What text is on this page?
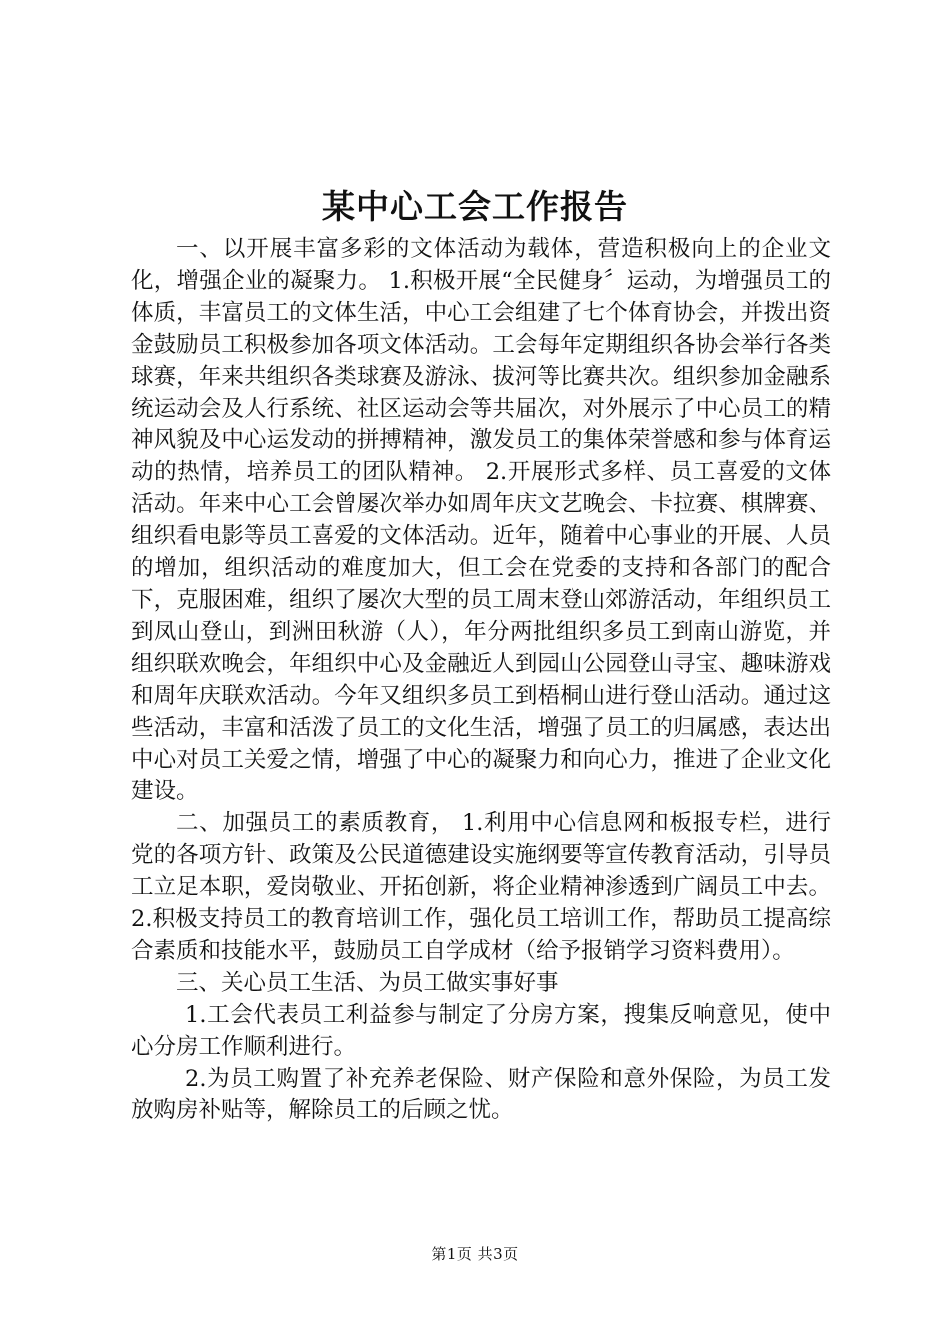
某中心工会工作报告

一、以开展丰富多彩的文体活动为载体，营造积极向上的企业文化，增强企业的凝聚力。 1.积极开展“全民健身〞运动，为增强员工的体质，丰富员工的文体生活，中心工会组建了七个体育协会，并拨出资金鼓励员工积极参加各项文体活动。工会每年定期组织各协会举行各类球赛，年来共组织各类球赛及游泳、拔河等比赛共次。组织参加金融系统运动会及人行系统、社区运动会等共届次，对外展示了中心员工的精神风貌及中心运发动的拼搏精神，激发员工的集体荣誉感和参与体育运动的热情，培养员工的团队精神。 2.开展形式多样、员工喜爱的文体活动。年来中心工会曾屡次举办如周年庆文艺晚会、卡拉赛、棋牌赛、组织看电影等员工喜爱的文体活动。近年，随着中心事业的开展、人员的增加，组织活动的难度加大，但工会在党委的支持和各部门的配合下，克服困难，组织了屡次大型的员工周末登山郊游活动，年组织员工到凤山登山，到洲田秋游（人），年分两批组织多员工到南山游览，并组织联欢晚会，年组织中心及金融近人到园山公园登山寻宝、趣味游戏和周年庆联欢活动。今年又组织多员工到梧桐山进行登山活动。通过这些活动，丰富和活泼了员工的文化生活，增强了员工的归属感，表达出中心对员工关爱之情，增强了中心的凝聚力和向心力，推进了企业文化建设。

二、加强员工的素质教育， 1.利用中心信息网和板报专栏，进行党的各项方针、政策及公民道德建设实施纲要等宣传教育活动，引导员工立足本职，爱岗敬业、开拓创新，将企业精神渗透到广阔员工中去。 2.积极支持员工的教育培训工作，强化员工培训工作，帮助员工提高综合素质和技能水平，鼓励员工自学成材（给予报销学习资料费用）。

三、关心员工生活、为员工做实事好事

1.工会代表员工利益参与制定了分房方案，搜集反响意见，使中心分房工作顺利进行。

2.为员工购置了补充养老保险、财产保险和意外保险，为员工发放购房补贴等，解除员工的后顾之忧。

第1页 共3页
